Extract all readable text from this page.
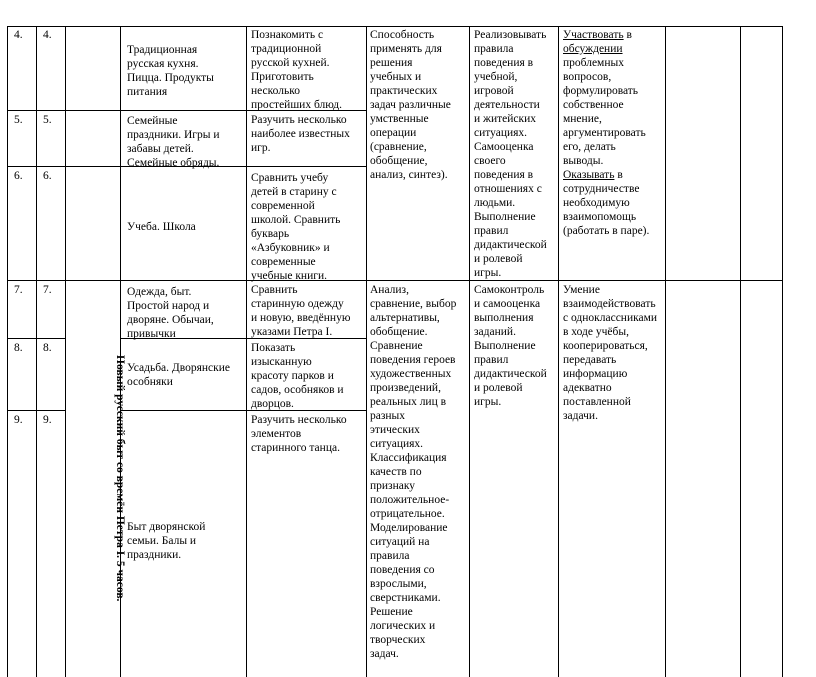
4. 4.
5. 5.
6. 6.
7. 7.
8. 8.
9. 9.	Новый русский быт со времён Петра I. 5 часов.
Традиционная
русская кухня.
Пицца. Продукты
питания
Семейные
праздники. Игры и
забавы детей.
Семейные обряды.
Учеба. Школа
Одежда, быт.
Простой народ и
дворяне. Обычаи,
привычки
Усадьба. Дворянские
особняки
Быт дворянской
семьи. Балы и
праздники.
Познакомить с
традиционной
русской кухней.
Приготовить
несколько
простейших блюд.
Разучить несколько
наиболее известных
игр.
Сравнить учебу
детей в старину с
современной
школой. Сравнить
букварь
«Азбуковник» и
современные
учебные книги.
Сравнить
старинную одежду
и новую, введённую
указами Петра I.
Показать
изысканную
красоту парков и
садов, особняков и
дворцов.
Разучить несколько
элементов
старинного танца.
Способность
применять для
решения
учебных и
практических
задач различные
умственные
операции
(сравнение,
обобщение,
анализ, синтез).
Реализовывать
правила
поведения в
учебной,
игровой
деятельности
и житейских
ситуациях.
Самооценка
своего
поведения в
отношениях с
людьми.
Выполнение
правил
дидактической
и ролевой
игры.
Участвовать в
обсуждении
проблемных
вопросов,
формулировать
собственное
мнение,
аргументировать
его, делать
выводы.
Оказывать в
сотрудничестве
необходимую
взаимопомощь
(работать в паре).
Анализ,
сравнение, выбор
альтернативы,
обобщение.
Сравнение
поведения героев
художественных
произведений,
реальных лиц в
разных
этических
ситуациях.
Классификация
качеств по
признаку
положительное-
отрицательное.
Моделирование
ситуаций на
правила
поведения со
взрослыми,
сверстниками.
Решение
логических и
творческих
задач.
Самоконтроль
и самооценка
выполнения
заданий.
Выполнение
правил
дидактической
и ролевой
игры.
Умение
взаимодействовать
с одноклассниками
в ходе учёбы,
кооперироваться,
передавать
информацию
адекватно
поставленной
задачи.
